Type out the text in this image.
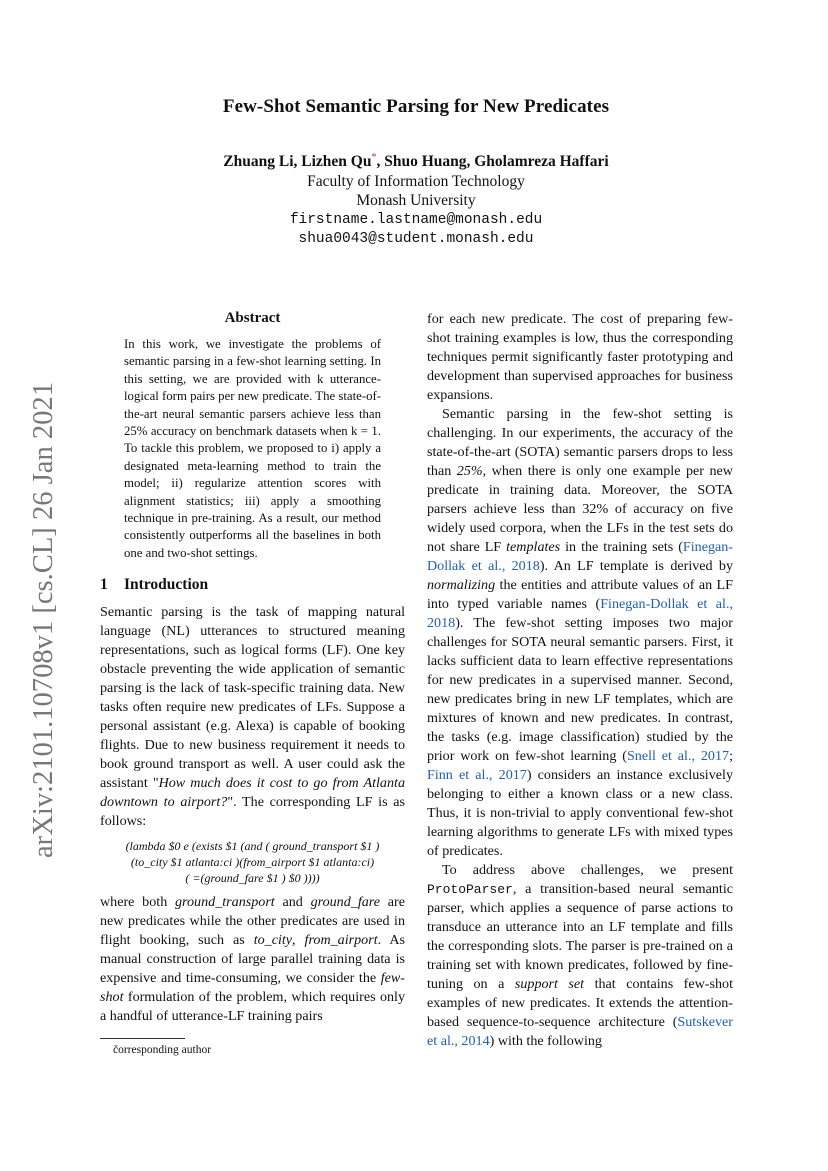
arXiv:2101.10708v1 [cs.CL] 26 Jan 2021
Few-Shot Semantic Parsing for New Predicates
Zhuang Li, Lizhen Qu*, Shuo Huang, Gholamreza Haffari
Faculty of Information Technology
Monash University
firstname.lastname@monash.edu
shua0043@student.monash.edu
Abstract

In this work, we investigate the problems of semantic parsing in a few-shot learning setting. In this setting, we are provided with k utterance-logical form pairs per new predicate. The state-of-the-art neural semantic parsers achieve less than 25% accuracy on benchmark datasets when k = 1. To tackle this problem, we proposed to i) apply a designated meta-learning method to train the model; ii) regularize attention scores with alignment statistics; iii) apply a smoothing technique in pre-training. As a result, our method consistently outperforms all the baselines in both one and two-shot settings.

1 Introduction

Semantic parsing is the task of mapping natural language (NL) utterances to structured meaning representations, such as logical forms (LF). One key obstacle preventing the wide application of semantic parsing is the lack of task-specific training data. New tasks often require new predicates of LFs. Suppose a personal assistant (e.g. Alexa) is capable of booking flights. Due to new business requirement it needs to book ground transport as well. A user could ask the assistant "How much does it cost to go from Atlanta downtown to airport?". The corresponding LF is as follows:

(lambda $0 e (exists $1 (and ( ground_transport $1 )
(to_city $1 atlanta:ci )(from_airport $1 atlanta:ci)
( =(ground_fare $1 ) $0 ))))

where both ground_transport and ground_fare are new predicates while the other predicates are used in flight booking, such as to_city, from_airport. As manual construction of large parallel training data is expensive and time-consuming, we consider the few-shot formulation of the problem, which requires only a handful of utterance-LF training pairs

čorresponding author

for each new predicate. The cost of preparing few-shot training examples is low, thus the corresponding techniques permit significantly faster prototyping and development than supervised approaches for business expansions.

Semantic parsing in the few-shot setting is challenging. In our experiments, the accuracy of the state-of-the-art (SOTA) semantic parsers drops to less than 25%, when there is only one example per new predicate in training data. Moreover, the SOTA parsers achieve less than 32% of accuracy on five widely used corpora, when the LFs in the test sets do not share LF templates in the training sets (Finegan-Dollak et al., 2018). An LF template is derived by normalizing the entities and attribute values of an LF into typed variable names (Finegan-Dollak et al., 2018). The few-shot setting imposes two major challenges for SOTA neural semantic parsers. First, it lacks sufficient data to learn effective representations for new predicates in a supervised manner. Second, new predicates bring in new LF templates, which are mixtures of known and new predicates. In contrast, the tasks (e.g. image classification) studied by the prior work on few-shot learning (Snell et al., 2017; Finn et al., 2017) considers an instance exclusively belonging to either a known class or a new class. Thus, it is non-trivial to apply conventional few-shot learning algorithms to generate LFs with mixed types of predicates.

To address above challenges, we present ProtoParser, a transition-based neural semantic parser, which applies a sequence of parse actions to transduce an utterance into an LF template and fills the corresponding slots. The parser is pre-trained on a training set with known predicates, followed by fine-tuning on a support set that contains few-shot examples of new predicates. It extends the attention-based sequence-to-sequence architecture (Sutskever et al., 2014) with the following
